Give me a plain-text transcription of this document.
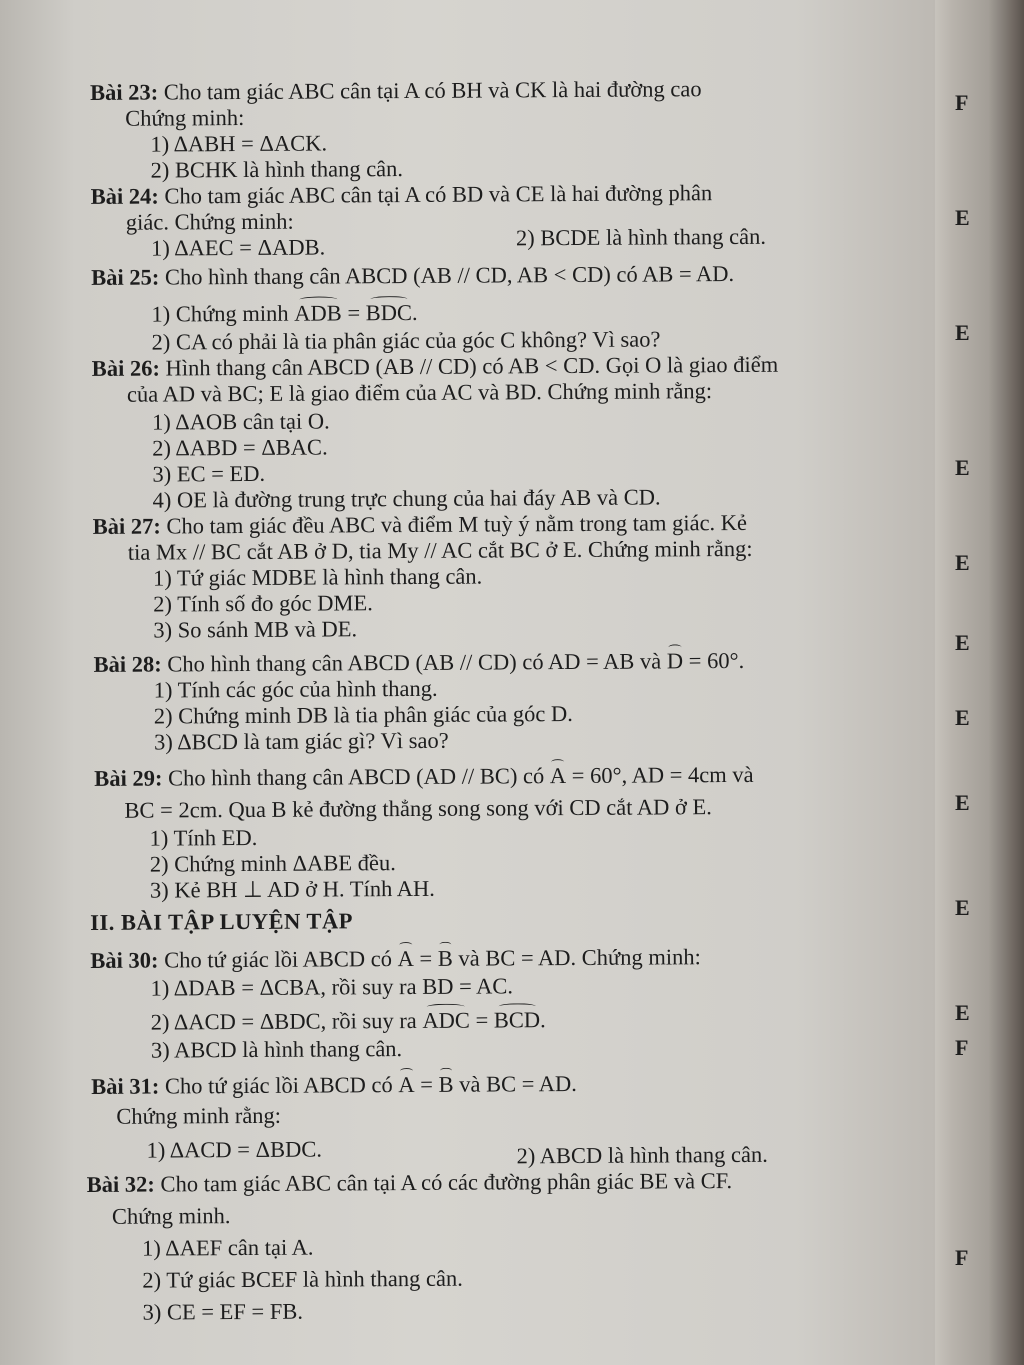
Bài 23: Cho tam giác ABC cân tại A có BH và CK là hai đường cao
Chứng minh:
1) ΔABH = ΔACK.
2) BCHK là hình thang cân.
Bài 24: Cho tam giác ABC cân tại A có BD và CE là hai đường phân
giác. Chứng minh:
1) ΔAEC = ΔADB.	2) BCDE là hình thang cân.
Bài 25: Cho hình thang cân ABCD (AB // CD, AB < CD) có AB = AD.
1) Chứng minh ADB = BDC.
2) CA có phải là tia phân giác của góc C không? Vì sao?
Bài 26: Hình thang cân ABCD (AB // CD) có AB < CD. Gọi O là giao điểm
của AD và BC; E là giao điểm của AC và BD. Chứng minh rằng:
1) ΔAOB cân tại O.
2) ΔABD = ΔBAC.
3) EC = ED.
4) OE là đường trung trực chung của hai đáy AB và CD.
Bài 27: Cho tam giác đều ABC và điểm M tuỳ ý nằm trong tam giác. Kẻ
tia Mx // BC cắt AB ở D, tia My // AC cắt BC ở E. Chứng minh rằng:
1) Tứ giác MDBE là hình thang cân.
2) Tính số đo góc DME.
3) So sánh MB và DE.
Bài 28: Cho hình thang cân ABCD (AB // CD) có AD = AB và D = 60°.
1) Tính các góc của hình thang.
2) Chứng minh DB là tia phân giác của góc D.
3) ΔBCD là tam giác gì? Vì sao?
Bài 29: Cho hình thang cân ABCD (AD // BC) có A = 60°, AD = 4cm và
BC = 2cm. Qua B kẻ đường thẳng song song với CD cắt AD ở E.
1) Tính ED.
2) Chứng minh ΔABE đều.
3) Kẻ BH ⊥ AD ở H. Tính AH.
II. BÀI TẬP LUYỆN TẬP
Bài 30: Cho tứ giác lồi ABCD có A = B và BC = AD. Chứng minh:
1) ΔDAB = ΔCBA, rồi suy ra BD = AC.
2) ΔACD = ΔBDC, rồi suy ra ADC = BCD.
3) ABCD là hình thang cân.
Bài 31: Cho tứ giác lồi ABCD có A = B và BC = AD.
Chứng minh rằng:
1) ΔACD = ΔBDC.	2) ABCD là hình thang cân.
Bài 32: Cho tam giác ABC cân tại A có các đường phân giác BE và CF.
Chứng minh.
1) ΔAEF cân tại A.
2) Tứ giác BCEF là hình thang cân.
3) CE = EF = FB.
F
E
E
E
E
E
E
E
E
E
F
F
